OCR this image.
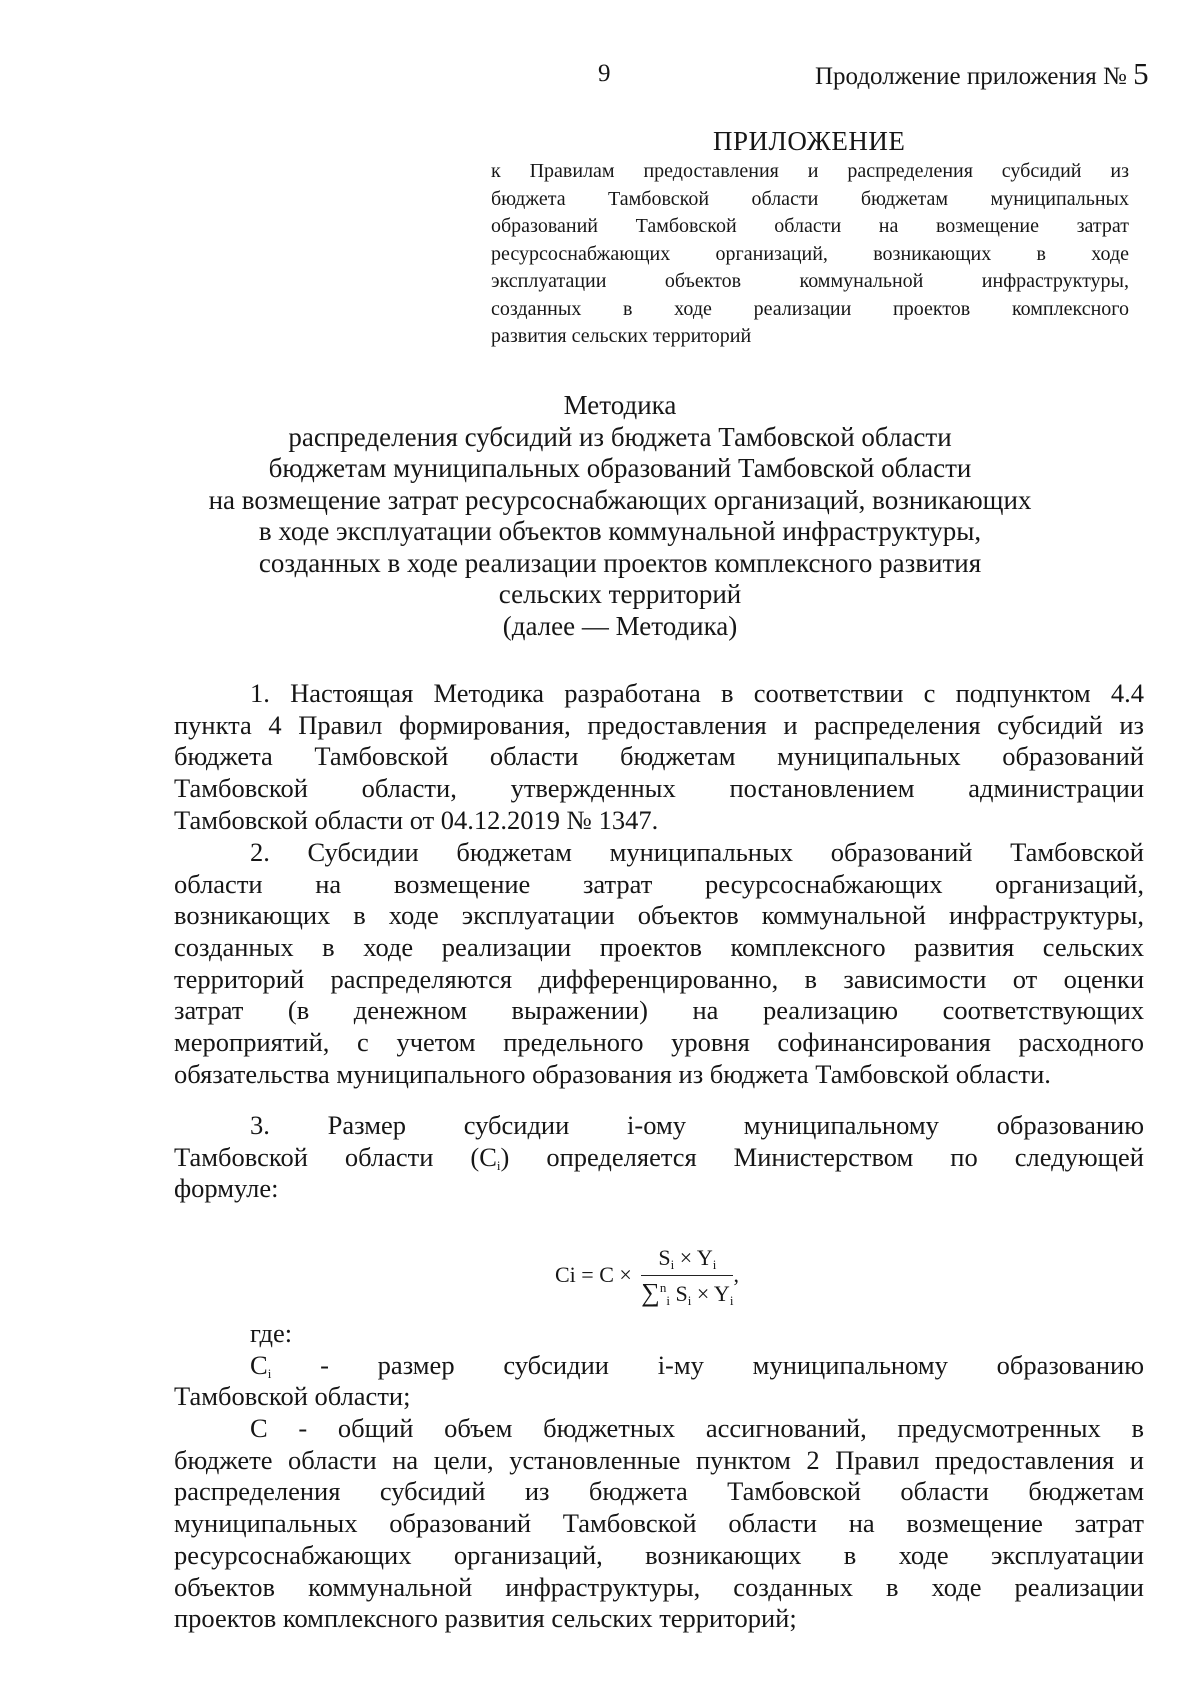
9	Продолжение приложения № 5
ПРИЛОЖЕНИЕ
к Правилам предоставления и распределения субсидий из
бюджета Тамбовской области бюджетам муниципальных
образований Тамбовской области на возмещение затрат
ресурсоснабжающих организаций, возникающих в ходе
эксплуатации объектов коммунальной инфраструктуры,
созданных в ходе реализации проектов комплексного
развития сельских территорий
Методика
распределения субсидий из бюджета Тамбовской области
бюджетам муниципальных образований Тамбовской области
на возмещение затрат ресурсоснабжающих организаций, возникающих
в ходе эксплуатации объектов коммунальной инфраструктуры,
созданных в ходе реализации проектов комплексного развития
сельских территорий
(далее — Методика)
1. Настоящая Методика разработана в соответствии с подпунктом 4.4
пункта 4 Правил формирования, предоставления и распределения субсидий из
бюджета Тамбовской области бюджетам муниципальных образований
Тамбовской области, утвержденных постановлением администрации
Тамбовской области от 04.12.2019 № 1347.
2. Субсидии бюджетам муниципальных образований Тамбовской
области на возмещение затрат ресурсоснабжающих организаций,
возникающих в ходе эксплуатации объектов коммунальной инфраструктуры,
созданных в ходе реализации проектов комплексного развития сельских
территорий распределяются дифференцированно, в зависимости от оценки
затрат (в денежном выражении) на реализацию соответствующих
мероприятий, с учетом предельного уровня софинансирования расходного
обязательства муниципального образования из бюджета Тамбовской области.
3. Размер субсидии i-ому муниципальному образованию
Тамбовской области $(C_i)$ определяется Министерством по следующей
формуле:
$Ci = C \times \frac{S_i \times Y_i}{\sum^n_i S_i \times Y_i}$ ,
где:
$C_i$ - размер субсидии i-му муниципальному образованию
Тамбовской области;
С - общий объем бюджетных ассигнований, предусмотренных в
бюджете области на цели, установленные пунктом 2 Правил предоставления и
распределения субсидий из бюджета Тамбовской области бюджетам
муниципальных образований Тамбовской области на возмещение затрат
ресурсоснабжающих организаций, возникающих в ходе эксплуатации
объектов коммунальной инфраструктуры, созданных в ходе реализации
проектов комплексного развития сельских территорий;
